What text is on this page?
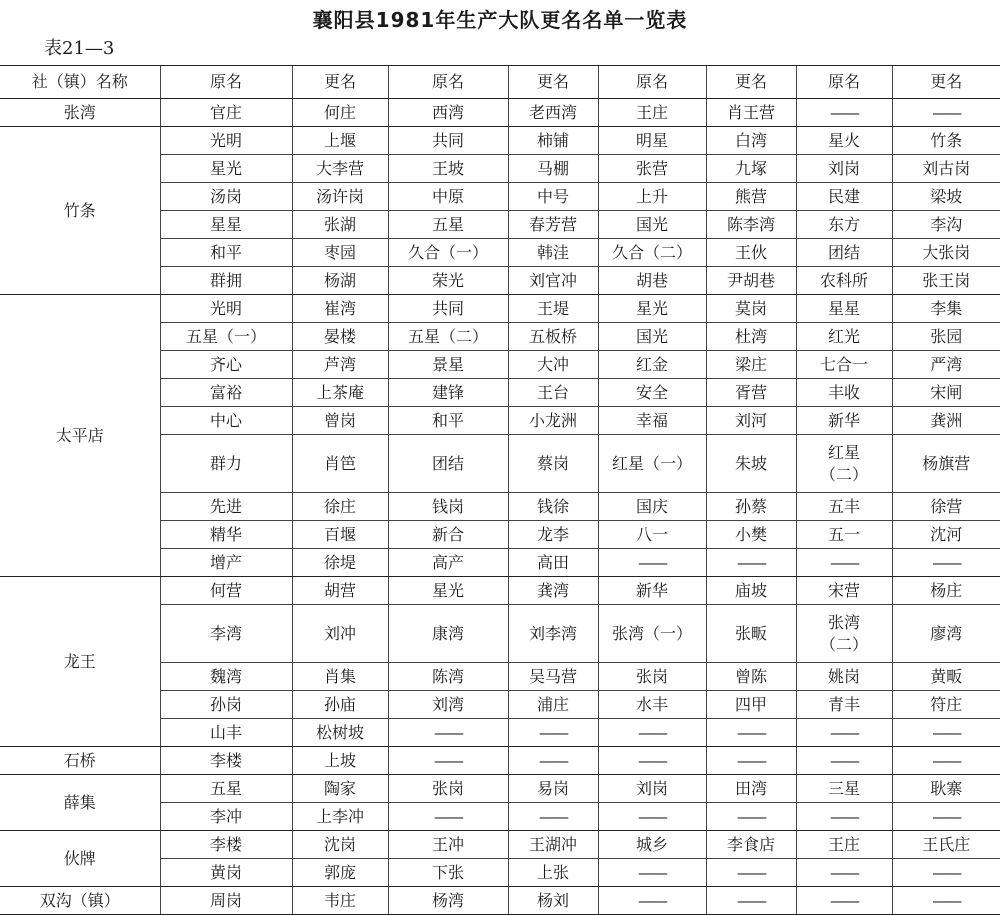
襄阳县1981年生产大队更名名单一览表
表21—3
社（镇）名称	原名	更名	原名	更名	原名	更名	原名	更名
张湾	官庄	何庄	西湾	老西湾	王庄	肖王营	——	——
竹条	光明	上堰	共同	柿铺	明星	白湾	星火	竹条
	星光	大李营	王坡	马棚	张营	九塚	刘岗	刘古岗
	汤岗	汤许岗	中原	中号	上升	熊营	民建	梁坡
	星星	张湖	五星	春芳营	国光	陈李湾	东方	李沟
	和平	枣园	久合（一）	韩洼	久合（二）	王伙	团结	大张岗
	群拥	杨湖	荣光	刘官冲	胡巷	尹胡巷	农科所	张王岗
太平店	光明	崔湾	共同	王堤	星光	莫岗	星星	李集
	五星（一）	晏楼	五星（二）	五板桥	国光	杜湾	红光	张园
	齐心	芦湾	景星	大冲	红金	梁庄	七合一	严湾
	富裕	上茶庵	建锋	王台	安全	胥营	丰收	宋闸
	中心	曾岗	和平	小龙洲	幸福	刘河	新华	龚洲
	群力	肖笆	团结	蔡岗	红星（一）	朱坡	红星（二）	杨旗营
	先进	徐庄	钱岗	钱徐	国庆	孙蔡	五丰	徐营
	精华	百堰	新合	龙李	八一	小樊	五一	沈河
	增产	徐堤	高产	高田	——	——	——	——
龙王	何营	胡营	星光	龚湾	新华	庙坡	宋营	杨庄
	李湾	刘冲	康湾	刘李湾	张湾（一）	张畈	张湾（二）	廖湾
	魏湾	肖集	陈湾	吴马营	张岗	曾陈	姚岗	黄畈
	孙岗	孙庙	刘湾	浦庄	水丰	四甲	青丰	符庄
	山丰	松树坡	——	——	——	——	——	——
石桥	李楼	上坡	——	——	——	——	——	——
薛集	五星	陶家	张岗	易岗	刘岗	田湾	三星	耿寨
	李冲	上李冲	——	——	——	——	——	——
伙牌	李楼	沈岗	王冲	王湖冲	城乡	李食店	王庄	王氏庄
	黄岗	郭庞	下张	上张	——	——	——	——
双沟（镇）	周岗	韦庄	杨湾	杨刘	——	——	——	——
